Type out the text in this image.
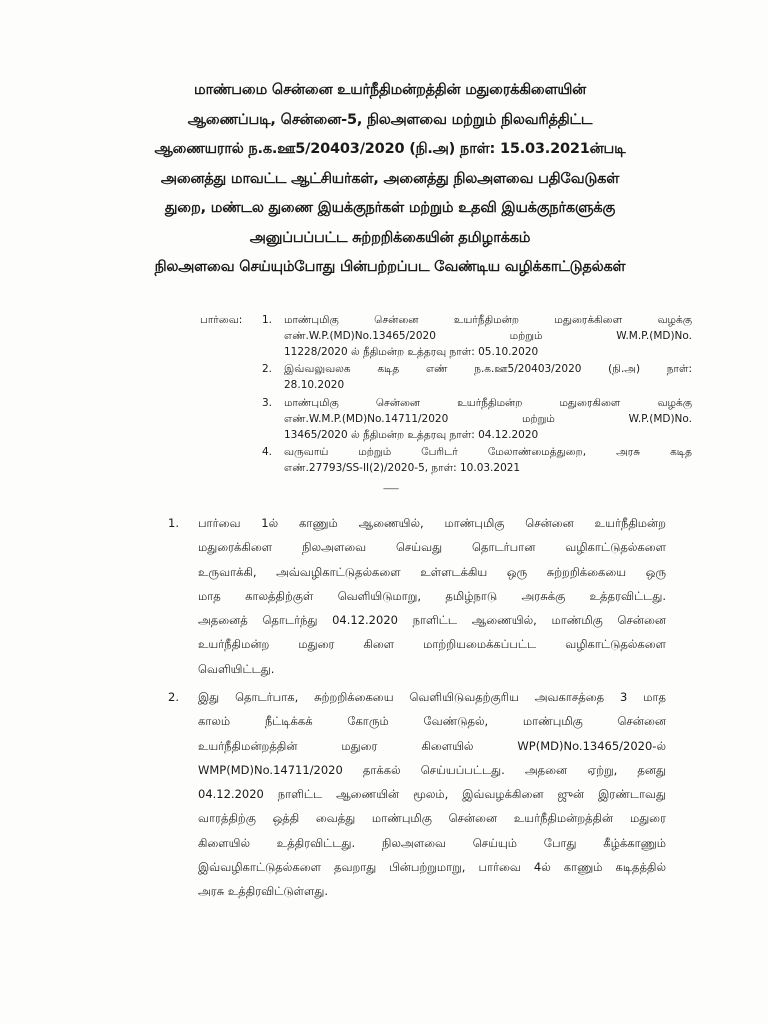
மாண்பமை சென்னை உயர்நீதிமன்றத்தின் மதுரைக்கிளையின்
ஆணைப்படி, சென்னை-5, நிலஅளவை மற்றும் நிலவரித்திட்ட
ஆணையரால் ந.க.ஊ5/20403/2020 (நி.அ) நாள்: 15.03.2021ன்படி
அனைத்து மாவட்ட ஆட்சியர்கள், அனைத்து நிலஅளவை பதிவேடுகள்
துறை, மண்டல துணை இயக்குநர்கள் மற்றும் உதவி இயக்குநர்களுக்கு
அனுப்பப்பட்ட சுற்றறிக்கையின் தமிழாக்கம்
நிலஅளவை செய்யும்போது பின்பற்றப்பட வேண்டிய வழிக்காட்டுதல்கள்
பார்வை: 1. மாண்புமிகு சென்னை உயர்நீதிமன்ற மதுரைக்கிளை வழக்கு
எண்.W.P.(MD)No.13465/2020 மற்றும் W.M.P.(MD)No.
11228/2020 ல் நீதிமன்ற உத்தரவு நாள்: 05.10.2020
2. இவ்வலுவலக கடித எண் ந.க.ஊ5/20403/2020 (நி.அ) நாள்:
28.10.2020
3. மாண்புமிகு சென்னை உயர்நீதிமன்ற மதுரைகிளை வழக்கு
எண்.W.M.P.(MD)No.14711/2020 மற்றும் W.P.(MD)No.
13465/2020 ல் நீதிமன்ற உத்தரவு நாள்: 04.12.2020
4. வருவாய் மற்றும் பேரிடர் மேலாண்மைத்துறை, அரசு கடித
எண்.27793/SS-II(2)/2020-5, நாள்: 10.03.2021
--------
1. பார்வை 1ல் காணும் ஆணையில், மாண்புமிகு சென்னை உயர்நீதிமன்ற
மதுரைக்கிளை நிலஅளவை செய்வது தொடர்பான வழிகாட்டுதல்களை
உருவாக்கி, அவ்வழிகாட்டுதல்களை உள்ளடக்கிய ஒரு சுற்றறிக்கையை ஒரு
மாத காலத்திற்குள் வெளியிடுமாறு, தமிழ்நாடு அரசுக்கு உத்தரவிட்டது.
அதனைத் தொடர்ந்து 04.12.2020 நாளிட்ட ஆணையில், மாண்மிகு சென்னை
உயர்நீதிமன்ற மதுரை கிளை மாற்றியமைக்கப்பட்ட வழிகாட்டுதல்களை
வெளியிட்டது.
2. இது தொடர்பாக, சுற்றறிக்கையை வெளியிடுவதற்குரிய அவகாசத்தை 3 மாத
காலம் நீட்டிக்கக் கோரும் வேண்டுதல், மாண்புமிகு சென்னை
உயர்நீதிமன்றத்தின் மதுரை கிளையில் WP(MD)No.13465/2020-ல்
WMP(MD)No.14711/2020 தாக்கல் செய்யப்பட்டது. அதனை ஏற்று, தனது
04.12.2020 நாளிட்ட ஆணையின் மூலம், இவ்வழக்கினை ஜுன் இரண்டாவது
வாரத்திற்கு ஒத்தி வைத்து மாண்புமிகு சென்னை உயர்நீதிமன்றத்தின் மதுரை
கிளையில் உத்திரவிட்டது. நிலஅளவை செய்யும் போது கீழ்க்காணும்
இவ்வழிகாட்டுதல்களை தவறாது பின்பற்றுமாறு, பார்வை 4ல் காணும் கடிதத்தில்
அரசு உத்திரவிட்டுள்ளது.
